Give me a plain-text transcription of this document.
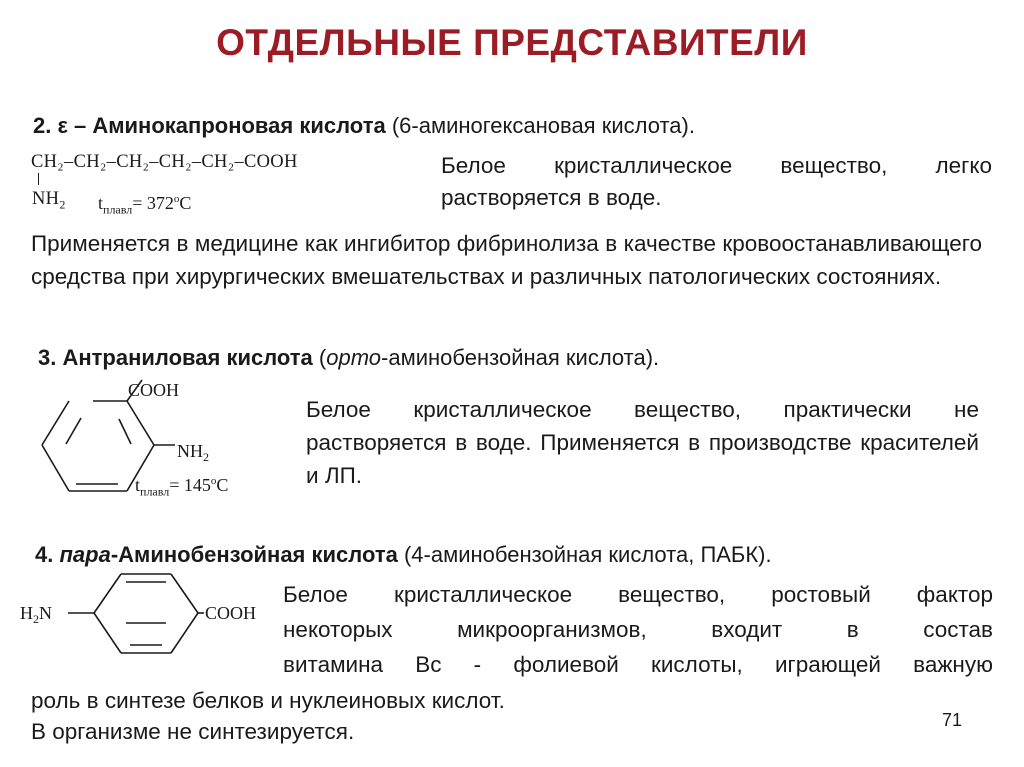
ОТДЕЛЬНЫЕ ПРЕДСТАВИТЕЛИ
2. ε – Аминокапроновая кислота (6-аминогексановая кислота).
CH₂–CH₂–CH₂–CH₂–CH₂–COOH
$NH_2$ $t_{плавл}= 372^оС$
Белое кристаллическое вещество, легко
растворяется в воде.
Применяется в медицине как ингибитор фибринолиза в качестве кровоостанавливающего средства при хирургических вмешательствах и различных патологических состояниях.
3. Антраниловая кислота (орто-аминобензойная кислота).
COOH
$NH_2$
$t_{плавл}= 145^оС$
Белое кристаллическое вещество, практически не растворяется в воде. Применяется в производстве красителей и ЛП.
4. пара-Аминобензойная кислота (4-аминобензойная кислота, ПАБК).
$H_2N$	COOH
Белое кристаллическое вещество, ростовый фактор
некоторых микроорганизмов, входит в состав
витамина Вс - фолиевой кислоты, играющей важную
роль в синтезе белков и нуклеиновых кислот.
В организме не синтезируется.	71
